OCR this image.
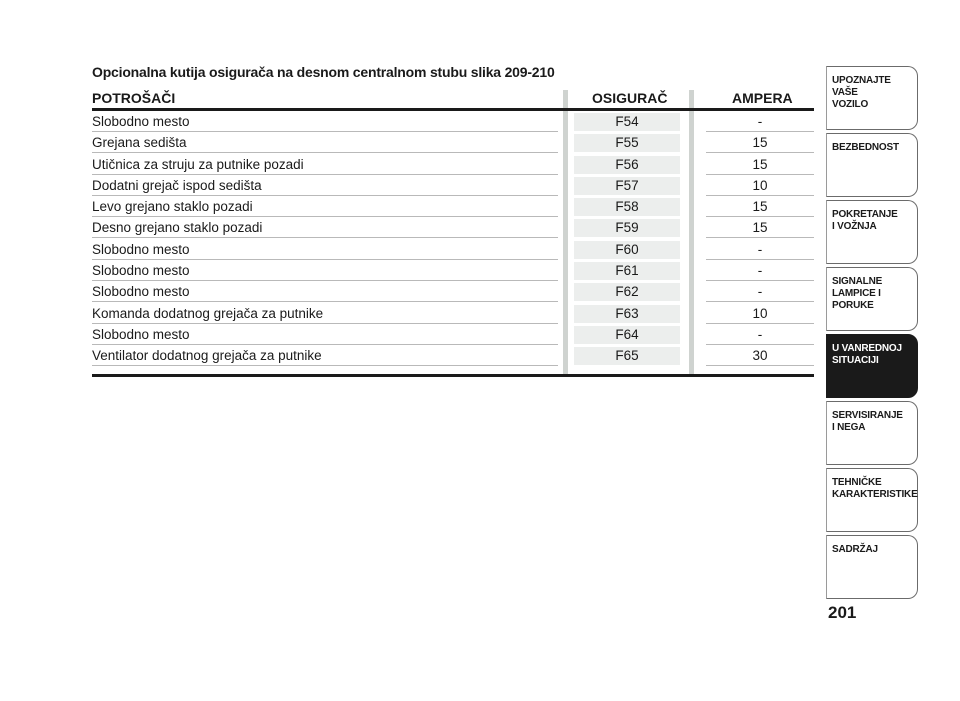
Opcionalna kutija osigurača na desnom centralnom stubu slika 209-210
POTROŠAČI	OSIGURAČ	AMPERA
Slobodno mesto	F54	-
Grejana sedišta	F55	15
Utičnica za struju za putnike pozadi	F56	15
Dodatni grejač ispod sedišta	F57	10
Levo grejano staklo pozadi	F58	15
Desno grejano staklo pozadi	F59	15
Slobodno mesto	F60	-
Slobodno mesto	F61	-
Slobodno mesto	F62	-
Komanda dodatnog grejača za putnike	F63	10
Slobodno mesto	F64	-
Ventilator dodatnog grejača za putnike	F65	30
UPOZNAJTE
VAŠE
VOZILO
BEZBEDNOST
POKRETANJE
I VOŽNJA
SIGNALNE
LAMPICE I PORUKE
U VANREDNOJ
SITUACIJI
SERVISIRANJE
I NEGA
TEHNIČKE
KARAKTERISTIKE
SADRŽAJ
201
